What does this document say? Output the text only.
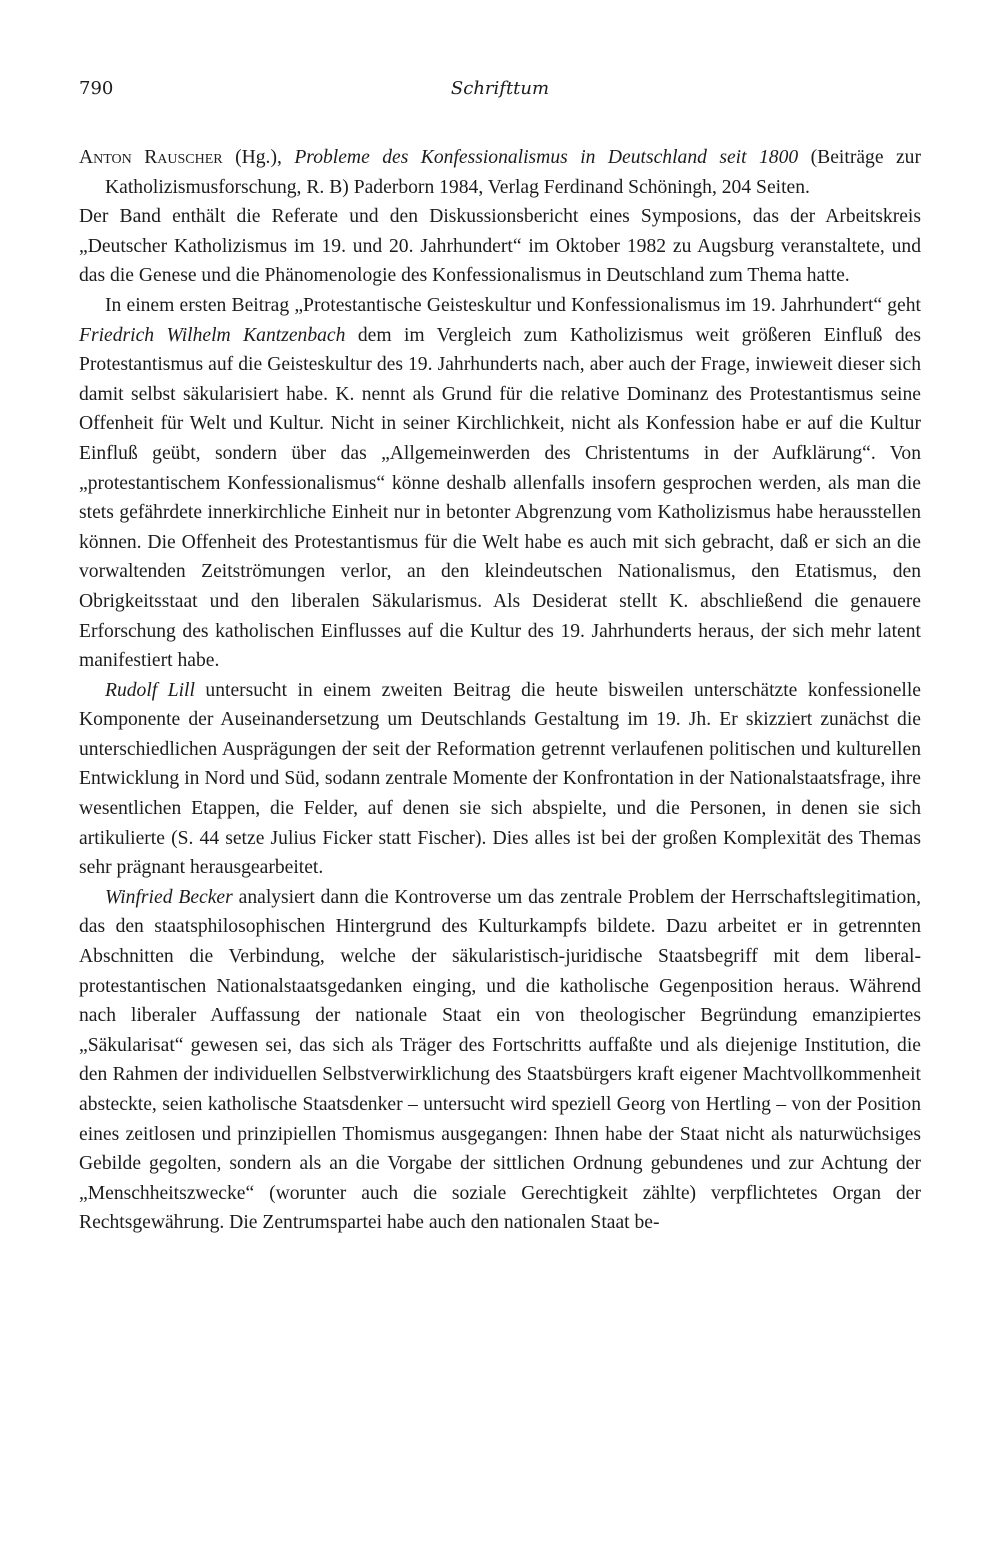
790	Schrifttum

Anton Rauscher (Hg.), Probleme des Konfessionalismus in Deutschland seit 1800 (Beiträge zur Katholizismusforschung, R. B) Paderborn 1984, Verlag Ferdinand Schöningh, 204 Seiten.

Der Band enthält die Referate und den Diskussionsbericht eines Symposions, das der Arbeitskreis „Deutscher Katholizismus im 19. und 20. Jahrhundert“ im Oktober 1982 zu Augsburg veranstaltete, und das die Genese und die Phänomenologie des Konfessionalismus in Deutschland zum Thema hatte.

In einem ersten Beitrag „Protestantische Geisteskultur und Konfessionalismus im 19. Jahrhundert“ geht Friedrich Wilhelm Kantzenbach dem im Vergleich zum Katholizismus weit größeren Einfluß des Protestantismus auf die Geisteskultur des 19. Jahrhunderts nach, aber auch der Frage, inwieweit dieser sich damit selbst säkularisiert habe. K. nennt als Grund für die relative Dominanz des Protestantismus seine Offenheit für Welt und Kultur. Nicht in seiner Kirchlichkeit, nicht als Konfession habe er auf die Kultur Einfluß geübt, sondern über das „Allgemeinwerden des Christentums in der Aufklärung“. Von „protestantischem Konfessionalismus“ könne deshalb allenfalls insofern gesprochen werden, als man die stets gefährdete innerkirchliche Einheit nur in betonter Abgrenzung vom Katholizismus habe herausstellen können. Die Offenheit des Protestantismus für die Welt habe es auch mit sich gebracht, daß er sich an die vorwaltenden Zeitströmungen verlor, an den kleindeutschen Nationalismus, den Etatismus, den Obrigkeitsstaat und den liberalen Säkularismus. Als Desiderat stellt K. abschließend die genauere Erforschung des katholischen Einflusses auf die Kultur des 19. Jahrhunderts heraus, der sich mehr latent manifestiert habe.

Rudolf Lill untersucht in einem zweiten Beitrag die heute bisweilen unterschätzte konfessionelle Komponente der Auseinandersetzung um Deutschlands Gestaltung im 19. Jh. Er skizziert zunächst die unterschiedlichen Ausprägungen der seit der Reformation getrennt verlaufenen politischen und kulturellen Entwicklung in Nord und Süd, sodann zentrale Momente der Konfrontation in der Nationalstaatsfrage, ihre wesentlichen Etappen, die Felder, auf denen sie sich abspielte, und die Personen, in denen sie sich artikulierte (S. 44 setze Julius Ficker statt Fischer). Dies alles ist bei der großen Komplexität des Themas sehr prägnant herausgearbeitet.

Winfried Becker analysiert dann die Kontroverse um das zentrale Problem der Herrschaftslegitimation, das den staatsphilosophischen Hintergrund des Kulturkampfs bildete. Dazu arbeitet er in getrennten Abschnitten die Verbindung, welche der säkularistisch-juridische Staatsbegriff mit dem liberal-protestantischen Nationalstaatsgedanken einging, und die katholische Gegenposition heraus. Während nach liberaler Auffassung der nationale Staat ein von theologischer Begründung emanzipiertes „Säkularisat“ gewesen sei, das sich als Träger des Fortschritts auffaßte und als diejenige Institution, die den Rahmen der individuellen Selbstverwirklichung des Staatsbürgers kraft eigener Machtvollkommenheit absteckte, seien katholische Staatsdenker – untersucht wird speziell Georg von Hertling – von der Position eines zeitlosen und prinzipiellen Thomismus ausgegangen: Ihnen habe der Staat nicht als naturwüchsiges Gebilde gegolten, sondern als an die Vorgabe der sittlichen Ordnung gebundenes und zur Achtung der „Menschheitszwecke“ (worunter auch die soziale Gerechtigkeit zählte) verpflichtetes Organ der Rechtsgewährung. Die Zentrumspartei habe auch den nationalen Staat be-
